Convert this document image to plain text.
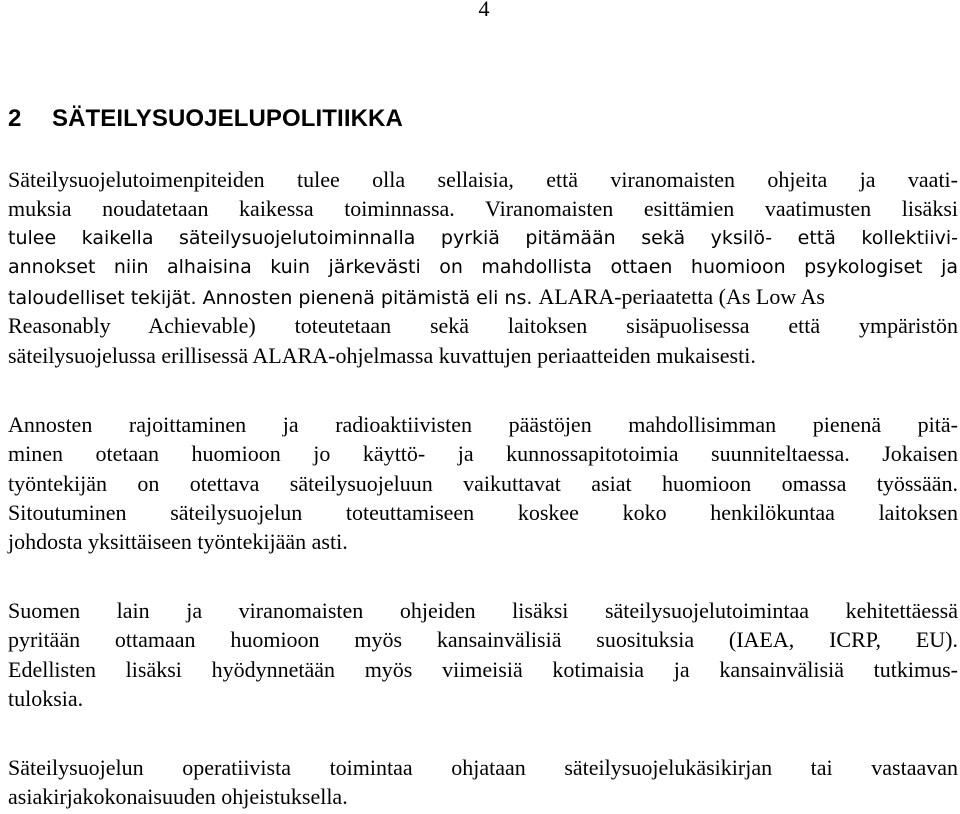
4
2 SÄTEILYSUOJELUPOLITIIKKA
Säteilysuojelutoimenpiteiden tulee olla sellaisia, että viranomaisten ohjeita ja vaati-
muksia noudatetaan kaikessa toiminnassa. Viranomaisten esittämien vaatimusten lisäksi
tulee kaikella säteilysuojelutoiminnalla pyrkiä pitämään sekä yksilö- että kollektiivi-
annokset niin alhaisina kuin järkevästi on mahdollista ottaen huomioon psykologiset ja
taloudelliset tekijät. Annosten pienenä pitämistä eli ns. ALARA-periaatetta (As Low As
Reasonably Achievable) toteutetaan sekä laitoksen sisäpuolisessa että ympäristön
säteilysuojelussa erillisessä ALARA-ohjelmassa kuvattujen periaatteiden mukaisesti.
Annosten rajoittaminen ja radioaktiivisten päästöjen mahdollisimman pienenä pitä-
minen otetaan huomioon jo käyttö- ja kunnossapitotoimia suunniteltaessa. Jokaisen
työntekijän on otettava säteilysuojeluun vaikuttavat asiat huomioon omassa työssään.
Sitoutuminen säteilysuojelun toteuttamiseen koskee koko henkilökuntaa laitoksen
johdosta yksittäiseen työntekijään asti.
Suomen lain ja viranomaisten ohjeiden lisäksi säteilysuojelutoimintaa kehitettäessä
pyritään ottamaan huomioon myös kansainvälisiä suosituksia (IAEA, ICRP, EU).
Edellisten lisäksi hyödynnetään myös viimeisiä kotimaisia ja kansainvälisiä tutkimus-
tuloksia.
Säteilysuojelun operatiivista toimintaa ohjataan säteilysuojelukäsikirjan tai vastaavan
asiakirjakokonaisuuden ohjeistuksella.
